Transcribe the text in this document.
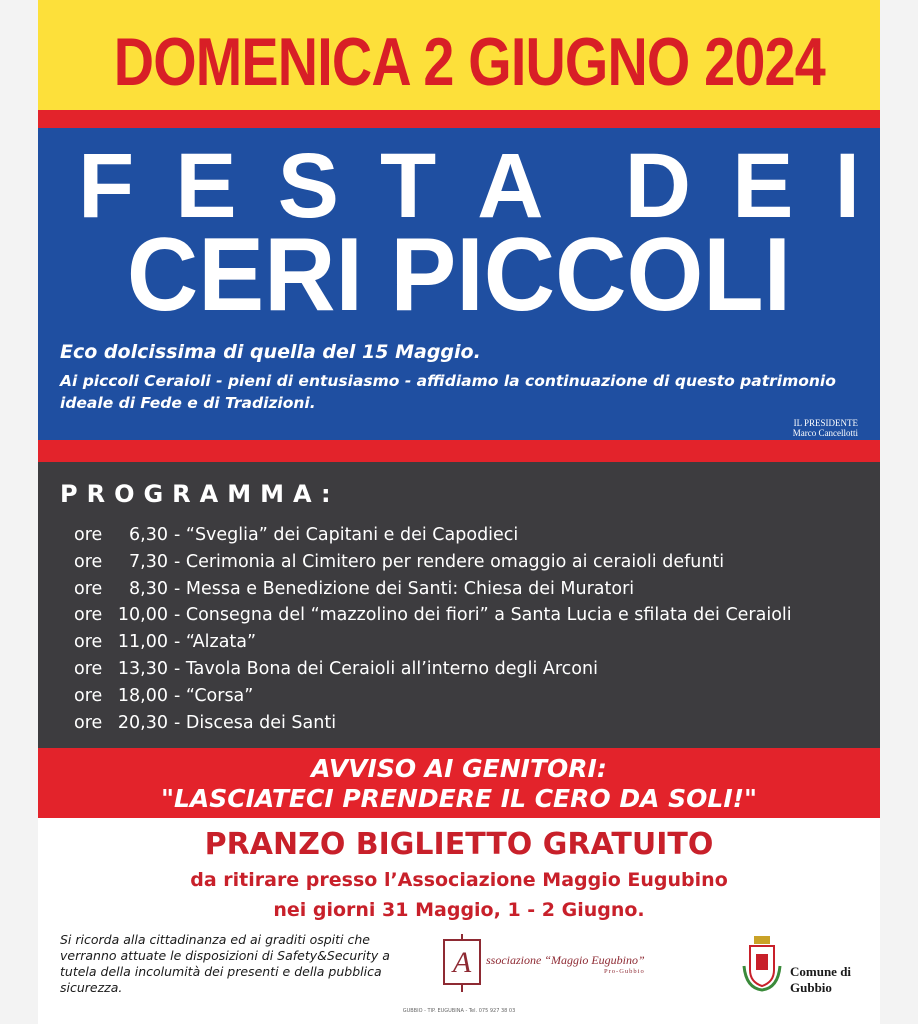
DOMENICA 2 GIUGNO 2024
F E S T A D E I
CERI PICCOLI
Eco dolcissima di quella del 15 Maggio.
Ai piccoli Ceraioli - pieni di entusiasmo - affidiamo la continuazione di questo patrimonio ideale di Fede e di Tradizioni.
IL PRESIDENTE
Marco Cancellotti
PROGRAMMA:
ore	6,30 - “Sveglia” dei Capitani e dei Capodieci
ore	7,30 - Cerimonia al Cimitero per rendere omaggio ai ceraioli defunti
ore	8,30 - Messa e Benedizione dei Santi: Chiesa dei Muratori
ore 10,00 - Consegna del “mazzolino dei fiori” a Santa Lucia e sfilata dei Ceraioli
ore 11,00 - “Alzata”
ore 13,30 - Tavola Bona dei Ceraioli all’interno degli Arconi
ore 18,00 - “Corsa”
ore 20,30 - Discesa dei Santi
AVVISO AI GENITORI:
"LASCIATECI PRENDERE IL CERO DA SOLI!"
PRANZO BIGLIETTO GRATUITO
da ritirare presso l’Associazione Maggio Eugubino
nei giorni 31 Maggio, 1 - 2 Giugno.
Si ricorda alla cittadinanza ed ai graditi ospiti che verranno attuate le disposizioni di Safety&Security a tutela della incolumità dei presenti e della pubblica sicurezza.
A ssociazione “Maggio Eugubino”
Pro-Gubbio	Comune di
Gubbio
GUBBIO - TIP. EUGUBINA - Tel. 075 927 38 03
